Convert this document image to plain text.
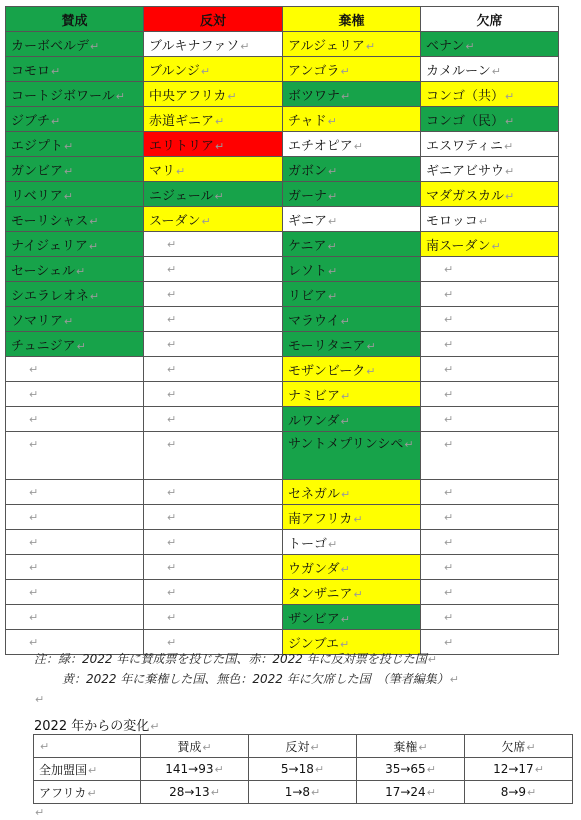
賛成	反対	棄権	欠席
カーボベルデ↵	ブルキナファソ↵	アルジェリア↵	ベナン↵
コモロ↵	ブルンジ↵	アンゴラ↵	カメルーン↵
コートジボワール↵	中央アフリカ↵	ボツワナ↵	コンゴ（共）↵
ジブチ↵	赤道ギニア↵	チャド↵	コンゴ（民）↵
エジプト↵	エリトリア↵	エチオピア↵	エスワティニ↵
ガンビア↵	マリ↵	ガボン↵	ギニアビサウ↵
リベリア↵	ニジェール↵	ガーナ↵	マダガスカル↵
モーリシャス↵	スーダン↵	ギニア↵	モロッコ↵
ナイジェリア↵	↵	ケニア↵	南スーダン↵
セーシェル↵	↵	レソト↵	↵
シエラレオネ↵	↵	リビア↵	↵
ソマリア↵	↵	マラウイ↵	↵
チュニジア↵	↵	モーリタニア↵	↵
↵	↵	モザンビーク↵	↵
↵	↵	ナミビア↵	↵
↵	↵	ルワンダ↵	↵
↵	↵	サントメプリンシペ↵	↵
↵	↵	セネガル↵	↵
↵	↵	南アフリカ↵	↵
↵	↵	トーゴ↵	↵
↵	↵	ウガンダ↵	↵
↵	↵	タンザニア↵	↵
↵	↵	ザンビア↵	↵
↵	↵	ジンブエ↵	↵
注：緑：2022 年に賛成票を投じた国、赤：2022 年に反対票を投じた国↵
黄：2022 年に棄権した国、無色：2022 年に欠席した国　（筆者編集）↵
↵
2022 年からの変化↵
↵	賛成↵	反対↵	棄権↵	欠席↵
全加盟国↵	141→93↵	5→18↵	35→65↵	12→17↵
アフリカ↵	28→13↵	1→8↵	17→24↵	8→9↵
↵
